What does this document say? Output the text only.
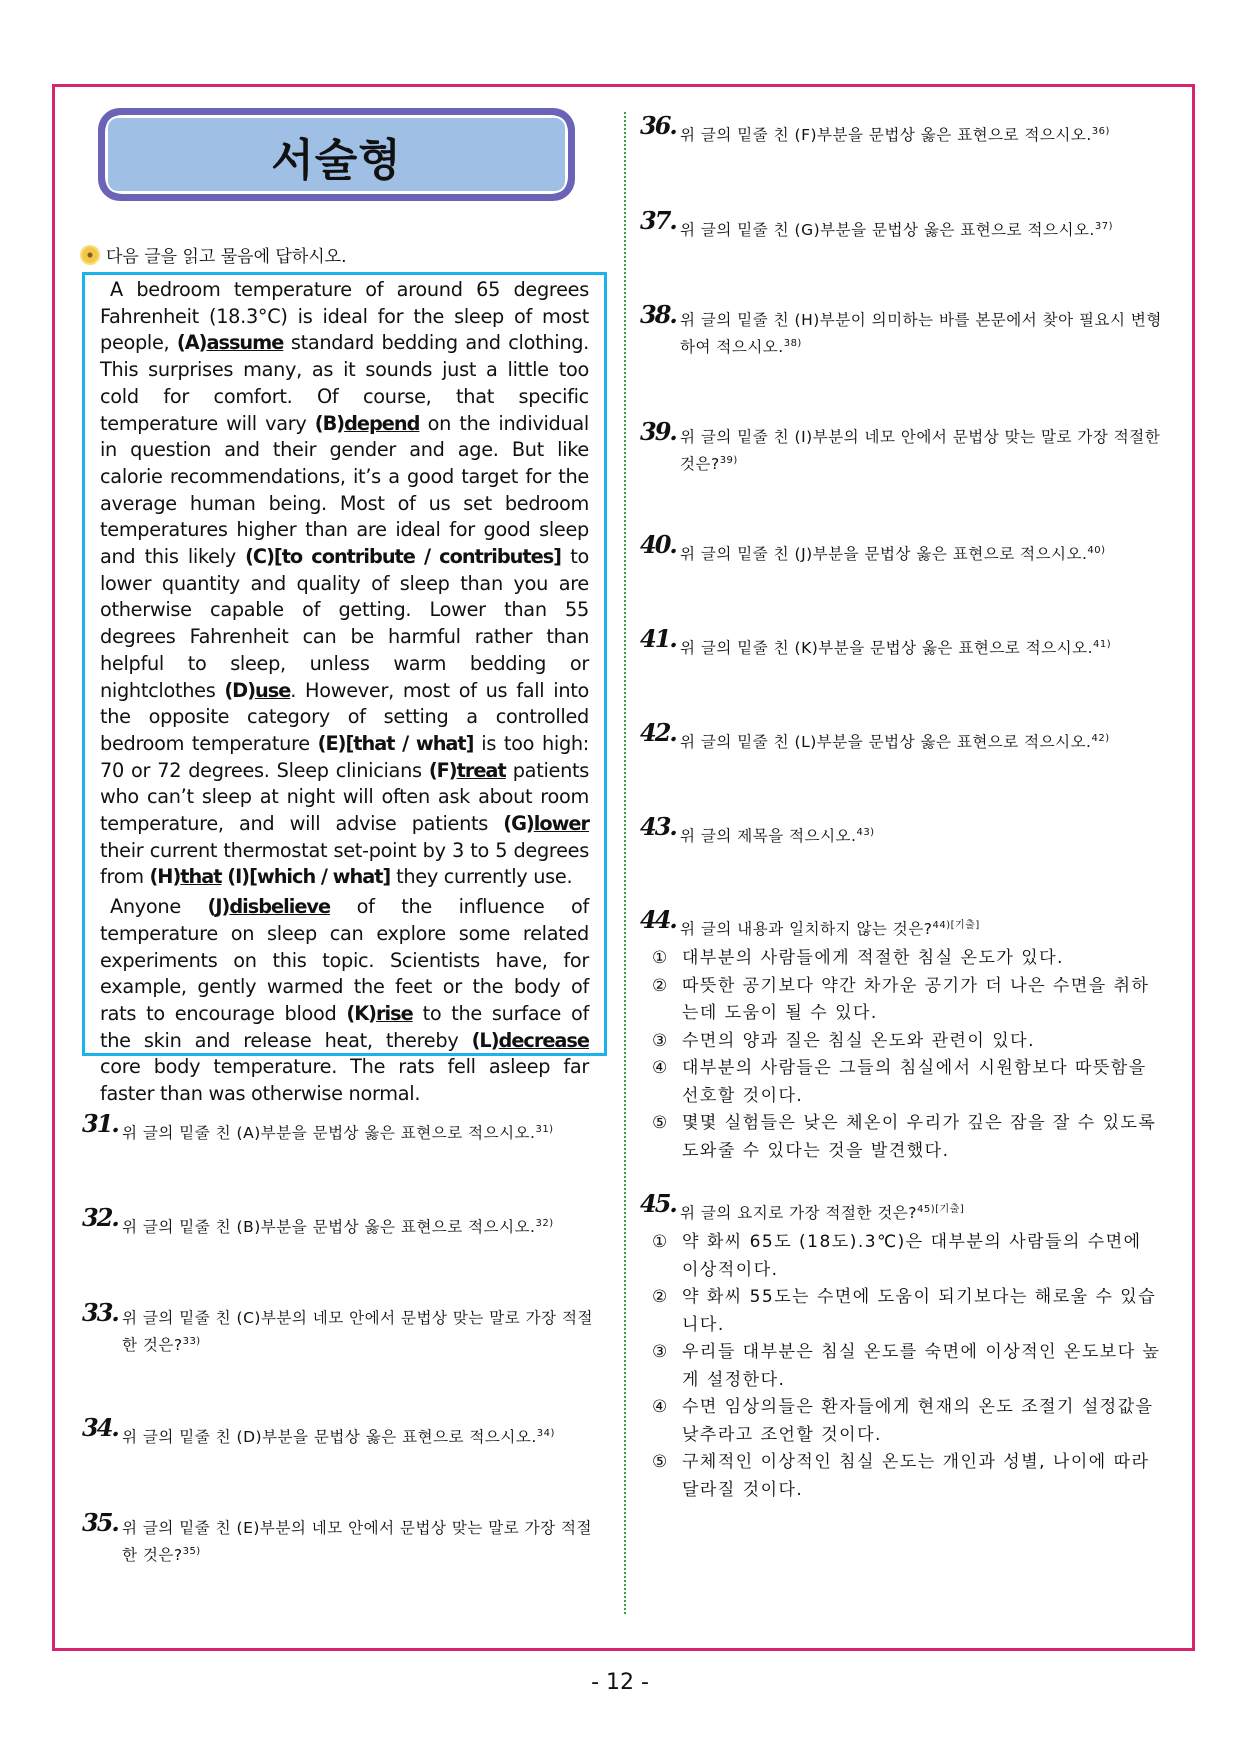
서술형
다음 글을 읽고 물음에 답하시오.

A bedroom temperature of around 65 degrees Fahrenheit (18.3°C) is ideal for the sleep of most people, (A)assume standard bedding and clothing. This surprises many, as it sounds just a little too cold for comfort. Of course, that specific temperature will vary (B)depend on the individual in question and their gender and age. But like calorie recommendations, it’s a good target for the average human being. Most of us set bedroom temperatures higher than are ideal for good sleep and this likely (C)[to contribute / contributes] to lower quantity and quality of sleep than you are otherwise capable of getting. Lower than 55 degrees Fahrenheit can be harmful rather than helpful to sleep, unless warm bedding or nightclothes (D)use. However, most of us fall into the opposite category of setting a controlled bedroom temperature (E)[that / what] is too high: 70 or 72 degrees. Sleep clinicians (F)treat patients who can’t sleep at night will often ask about room temperature, and will advise patients (G)lower their current thermostat set-point by 3 to 5 degrees from (H)that (I)[which / what] they currently use.

Anyone (J)disbelieve of the influence of temperature on sleep can explore some related experiments on this topic. Scientists have, for example, gently warmed the feet or the body of rats to encourage blood (K)rise to the surface of the skin and release heat, thereby (L)decrease core body temperature. The rats fell asleep far faster than was otherwise normal.

31. 위 글의 밑줄 친 (A)부분을 문법상 옳은 표현으로 적으시오.$^{31)}$
32. 위 글의 밑줄 친 (B)부분을 문법상 옳은 표현으로 적으시오.$^{32)}$
33. 위 글의 밑줄 친 (C)부분의 네모 안에서 문법상 맞는 말로 가장 적절한 것은?$^{33)}$
34. 위 글의 밑줄 친 (D)부분을 문법상 옳은 표현으로 적으시오.$^{34)}$
35. 위 글의 밑줄 친 (E)부분의 네모 안에서 문법상 맞는 말로 가장 적절한 것은?$^{35)}$
36. 위 글의 밑줄 친 (F)부분을 문법상 옳은 표현으로 적으시오.$^{36)}$
37. 위 글의 밑줄 친 (G)부분을 문법상 옳은 표현으로 적으시오.$^{37)}$
38. 위 글의 밑줄 친 (H)부분이 의미하는 바를 본문에서 찾아 필요시 변형하여 적으시오.$^{38)}$
39. 위 글의 밑줄 친 (I)부분의 네모 안에서 문법상 맞는 말로 가장 적절한 것은?$^{39)}$
40. 위 글의 밑줄 친 (J)부분을 문법상 옳은 표현으로 적으시오.$^{40)}$
41. 위 글의 밑줄 친 (K)부분을 문법상 옳은 표현으로 적으시오.$^{41)}$
42. 위 글의 밑줄 친 (L)부분을 문법상 옳은 표현으로 적으시오.$^{42)}$
43. 위 글의 제목을 적으시오.$^{43)}$
44. 위 글의 내용과 일치하지 않는 것은?$^{44)[기출]}$
① 대부분의 사람들에게 적절한 침실 온도가 있다.
② 따뜻한 공기보다 약간 차가운 공기가 더 나은 수면을 취하는데 도움이 될 수 있다.
③ 수면의 양과 질은 침실 온도와 관련이 있다.
④ 대부분의 사람들은 그들의 침실에서 시원함보다 따뜻함을 선호할 것이다.
⑤ 몇몇 실험들은 낮은 체온이 우리가 깊은 잠을 잘 수 있도록 도와줄 수 있다는 것을 발견했다.
45. 위 글의 요지로 가장 적절한 것은?$^{45)[기출]}$
① 약 화씨 65도 (18도).3℃)은 대부분의 사람들의 수면에 이상적이다.
② 약 화씨 55도는 수면에 도움이 되기보다는 해로울 수 있습니다.
③ 우리들 대부분은 침실 온도를 숙면에 이상적인 온도보다 높게 설정한다.
④ 수면 임상의들은 환자들에게 현재의 온도 조절기 설정값을 낮추라고 조언할 것이다.
⑤ 구체적인 이상적인 침실 온도는 개인과 성별, 나이에 따라 달라질 것이다.
- 12 -
